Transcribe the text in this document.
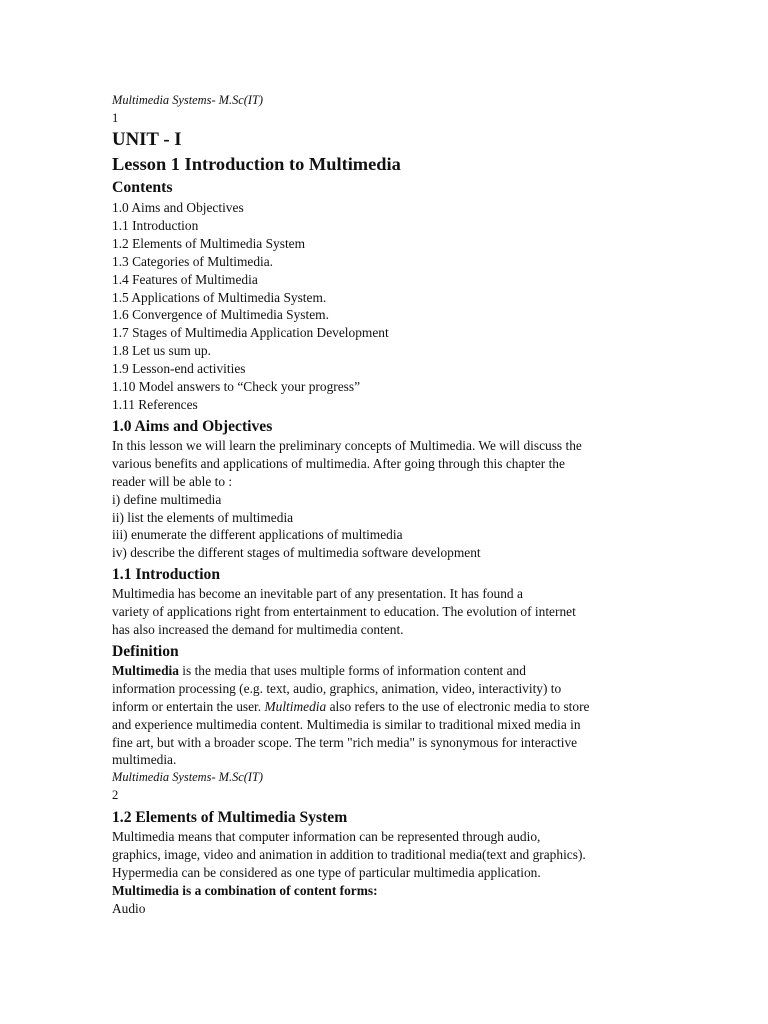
Multimedia Systems- M.Sc(IT)
1
UNIT - I
Lesson 1 Introduction to Multimedia
Contents
1.0 Aims and Objectives
1.1 Introduction
1.2 Elements of Multimedia System
1.3 Categories of Multimedia.
1.4 Features of Multimedia
1.5 Applications of Multimedia System.
1.6 Convergence of Multimedia System.
1.7 Stages of Multimedia Application Development
1.8 Let us sum up.
1.9 Lesson-end activities
1.10 Model answers to “Check your progress”
1.11 References
1.0 Aims and Objectives
In this lesson we will learn the preliminary concepts of Multimedia. We will discuss the
various benefits and applications of multimedia. After going through this chapter the
reader will be able to :
i) define multimedia
ii) list the elements of multimedia
iii) enumerate the different applications of multimedia
iv) describe the different stages of multimedia software development
1.1 Introduction
Multimedia has become an inevitable part of any presentation. It has found a
variety of applications right from entertainment to education. The evolution of internet
has also increased the demand for multimedia content.
Definition
Multimedia is the media that uses multiple forms of information content and
information processing (e.g. text, audio, graphics, animation, video, interactivity) to
inform or entertain the user. Multimedia also refers to the use of electronic media to store
and experience multimedia content. Multimedia is similar to traditional mixed media in
fine art, but with a broader scope. The term "rich media" is synonymous for interactive
multimedia.
Multimedia Systems- M.Sc(IT)
2
1.2 Elements of Multimedia System
Multimedia means that computer information can be represented through audio,
graphics, image, video and animation in addition to traditional media(text and graphics).
Hypermedia can be considered as one type of particular multimedia application.
Multimedia is a combination of content forms:
Audio
